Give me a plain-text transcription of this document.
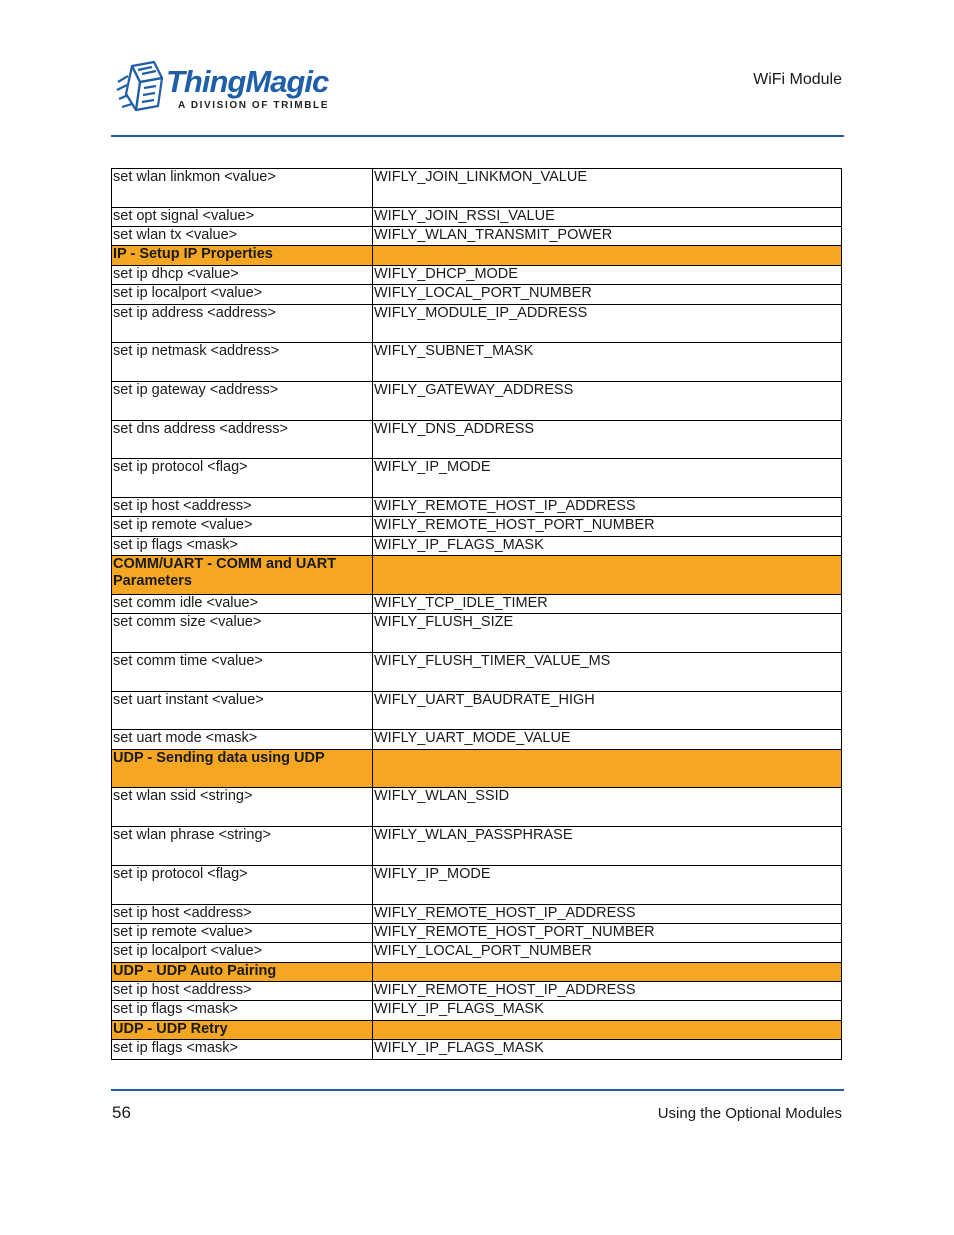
ThingMagic
A DIVISION OF TRIMBLE
WiFi Module
set wlan linkmon <value>	WIFLY_JOIN_LINKMON_VALUE
set opt signal <value>	WIFLY_JOIN_RSSI_VALUE
set wlan tx <value>	WIFLY_WLAN_TRANSMIT_POWER
IP - Setup IP Properties	
set ip dhcp <value>	WIFLY_DHCP_MODE
set ip localport <value>	WIFLY_LOCAL_PORT_NUMBER
set ip address <address>	WIFLY_MODULE_IP_ADDRESS
set ip netmask <address>	WIFLY_SUBNET_MASK
set ip gateway <address>	WIFLY_GATEWAY_ADDRESS
set dns address <address>	WIFLY_DNS_ADDRESS
set ip protocol <flag>	WIFLY_IP_MODE
set ip host <address>	WIFLY_REMOTE_HOST_IP_ADDRESS
set ip remote <value>	WIFLY_REMOTE_HOST_PORT_NUMBER
set ip flags <mask>	WIFLY_IP_FLAGS_MASK
COMM/UART - COMM and UART Parameters	
set comm idle <value>	WIFLY_TCP_IDLE_TIMER
set comm size <value>	WIFLY_FLUSH_SIZE
set comm time <value>	WIFLY_FLUSH_TIMER_VALUE_MS
set uart instant <value>	WIFLY_UART_BAUDRATE_HIGH
set uart mode <mask>	WIFLY_UART_MODE_VALUE
UDP - Sending data using UDP	
set wlan ssid <string>	WIFLY_WLAN_SSID
set wlan phrase <string>	WIFLY_WLAN_PASSPHRASE
set ip protocol <flag>	WIFLY_IP_MODE
set ip host <address>	WIFLY_REMOTE_HOST_IP_ADDRESS
set ip remote <value>	WIFLY_REMOTE_HOST_PORT_NUMBER
set ip localport <value>	WIFLY_LOCAL_PORT_NUMBER
UDP - UDP Auto Pairing	
set ip host <address>	WIFLY_REMOTE_HOST_IP_ADDRESS
set ip flags <mask>	WIFLY_IP_FLAGS_MASK
UDP - UDP Retry	
set ip flags <mask>	WIFLY_IP_FLAGS_MASK
56	Using the Optional Modules
